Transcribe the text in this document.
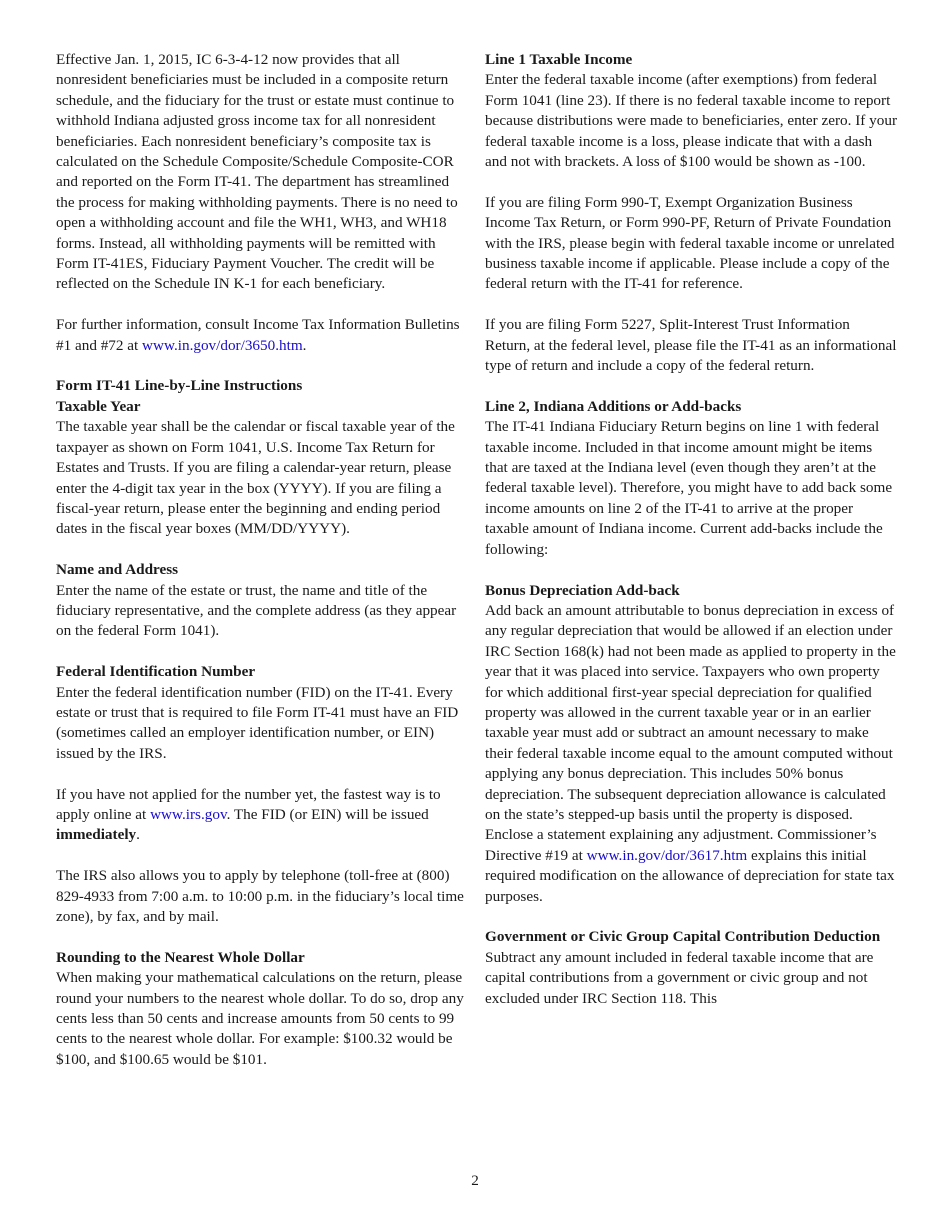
Effective Jan. 1, 2015, IC 6-3-4-12 now provides that all nonresident beneficiaries must be included in a composite return schedule, and the fiduciary for the trust or estate must continue to withhold Indiana adjusted gross income tax for all nonresident beneficiaries. Each nonresident beneficiary’s composite tax is calculated on the Schedule Composite/Schedule Composite-COR and reported on the Form IT-41. The department has streamlined the process for making withholding payments. There is no need to open a withholding account and file the WH1, WH3, and WH18 forms. Instead, all withholding payments will be remitted with Form IT-41ES, Fiduciary Payment Voucher. The credit will be reflected on the Schedule IN K-1 for each beneficiary.

For further information, consult Income Tax Information Bulletins #1 and #72 at www.in.gov/dor/3650.htm.

Form IT-41 Line-by-Line Instructions
Taxable Year
The taxable year shall be the calendar or fiscal taxable year of the taxpayer as shown on Form 1041, U.S. Income Tax Return for Estates and Trusts. If you are filing a calendar-year return, please enter the 4-digit tax year in the box (YYYY). If you are filing a fiscal-year return, please enter the beginning and ending period dates in the fiscal year boxes (MM/DD/YYYY).

Name and Address
Enter the name of the estate or trust, the name and title of the fiduciary representative, and the complete address (as they appear on the federal Form 1041).

Federal Identification Number
Enter the federal identification number (FID) on the IT-41. Every estate or trust that is required to file Form IT-41 must have an FID (sometimes called an employer identification number, or EIN) issued by the IRS.

If you have not applied for the number yet, the fastest way is to apply online at www.irs.gov. The FID (or EIN) will be issued immediately.

The IRS also allows you to apply by telephone (toll-free at (800) 829-4933 from 7:00 a.m. to 10:00 p.m. in the fiduciary’s local time zone), by fax, and by mail.

Rounding to the Nearest Whole Dollar
When making your mathematical calculations on the return, please round your numbers to the nearest whole dollar. To do so, drop any cents less than 50 cents and increase amounts from 50 cents to 99 cents to the nearest whole dollar. For example: $100.32 would be $100, and $100.65 would be $101.

Line 1 Taxable Income
Enter the federal taxable income (after exemptions) from federal Form 1041 (line 23). If there is no federal taxable income to report because distributions were made to beneficiaries, enter zero. If your federal taxable income is a loss, please indicate that with a dash and not with brackets. A loss of $100 would be shown as -100.

If you are filing Form 990-T, Exempt Organization Business Income Tax Return, or Form 990-PF, Return of Private Foundation with the IRS, please begin with federal taxable income or unrelated business taxable income if applicable. Please include a copy of the federal return with the IT-41 for reference.

If you are filing Form 5227, Split-Interest Trust Information Return, at the federal level, please file the IT-41 as an informational type of return and include a copy of the federal return.

Line 2, Indiana Additions or Add-backs
The IT-41 Indiana Fiduciary Return begins on line 1 with federal taxable income. Included in that income amount might be items that are taxed at the Indiana level (even though they aren’t at the federal taxable level). Therefore, you might have to add back some income amounts on line 2 of the IT-41 to arrive at the proper taxable amount of Indiana income. Current add-backs include the following:

Bonus Depreciation Add-back
Add back an amount attributable to bonus depreciation in excess of any regular depreciation that would be allowed if an election under IRC Section 168(k) had not been made as applied to property in the year that it was placed into service. Taxpayers who own property for which additional first-year special depreciation for qualified property was allowed in the current taxable year or in an earlier taxable year must add or subtract an amount necessary to make their federal taxable income equal to the amount computed without applying any bonus depreciation. This includes 50% bonus depreciation. The subsequent depreciation allowance is calculated on the state’s stepped-up basis until the property is disposed. Enclose a statement explaining any adjustment. Commissioner’s Directive #19 at www.in.gov/dor/3617.htm explains this initial required modification on the allowance of depreciation for state tax purposes.

Government or Civic Group Capital Contribution Deduction
Subtract any amount included in federal taxable income that are capital contributions from a government or civic group and not excluded under IRC Section 118. This

2
